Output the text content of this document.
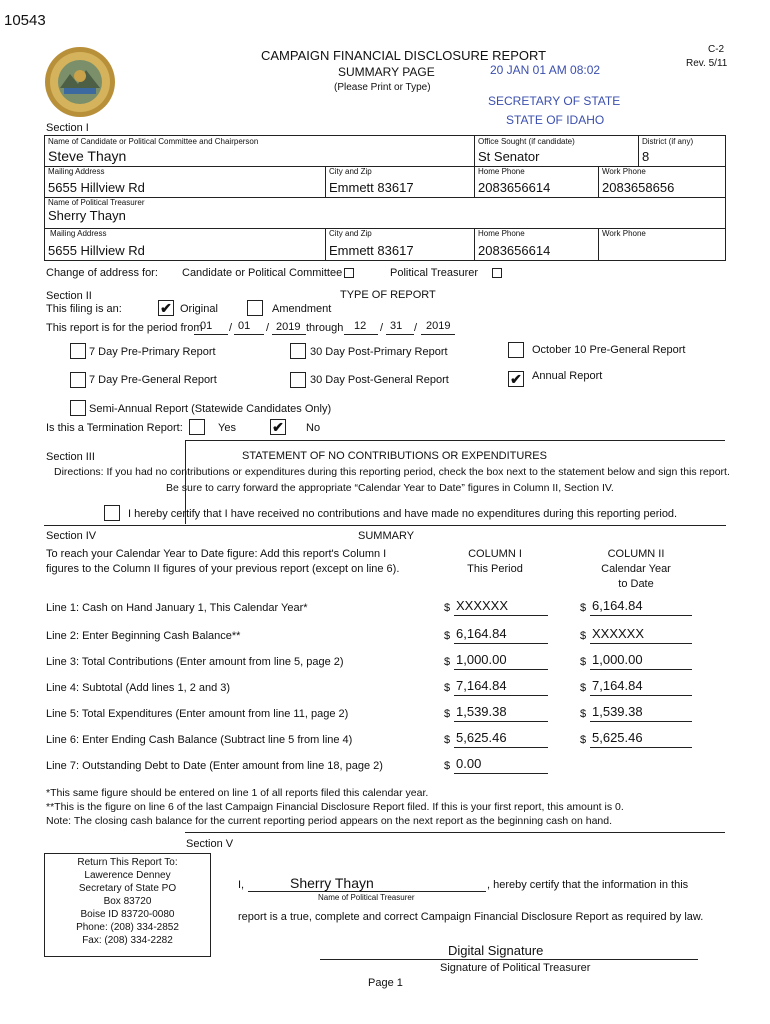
10543
CAMPAIGN FINANCIAL DISCLOSURE REPORT
SUMMARY PAGE
(Please Print or Type)
C-2
Rev. 5/11
20 JAN 01 AM 08:02
SECRETARY OF STATE
STATE OF IDAHO
Section I
Name of Candidate or Political Committee and Chairperson
Steve Thayn
Office Sought (if candidate)
St Senator
District (if any)
8
Mailing Address
5655 Hillview Rd
City and Zip
Emmett 83617
Home Phone
2083656614
Work Phone
2083658656
Name of Political Treasurer
Sherry Thayn
Mailing Address
5655 Hillview Rd
City and Zip
Emmett 83617
Home Phone
2083656614
Work Phone
Change of address for: Candidate or Political Committee	Political Treasurer
Section II	TYPE OF REPORT
This filing is an:	✔ Original	Amendment
This report is for the period from
01 / 01 / 2019 through 12 / 31 / 2019
7 Day Pre-Primary Report	30 Day Post-Primary Report	October 10 Pre-General Report
7 Day Pre-General Report	30 Day Post-General Report	✔ Annual Report
Semi-Annual Report (Statewide Candidates Only)
Is this a Termination Report:	Yes	✔ No
Section III	STATEMENT OF NO CONTRIBUTIONS OR EXPENDITURES
Directions: If you had no contributions or expenditures during this reporting period, check the box next to the statement below and sign this report.
Be sure to carry forward the appropriate “Calendar Year to Date” figures in Column II, Section IV.
I hereby certify that I have received no contributions and have made no expenditures during this reporting period.
Section IV	SUMMARY
To reach your Calendar Year to Date figure: Add this report's Column I
figures to the Column II figures of your previous report (except on line 6).
COLUMN I
This Period
COLUMN II
Calendar Year
to Date
Line 1: Cash on Hand January 1, This Calendar Year*	$ XXXXXX	$ 6,164.84
Line 2: Enter Beginning Cash Balance**	$ 6,164.84	$ XXXXXX
Line 3: Total Contributions (Enter amount from line 5, page 2)	$ 1,000.00	$ 1,000.00
Line 4: Subtotal (Add lines 1, 2 and 3)	$ 7,164.84	$ 7,164.84
Line 5: Total Expenditures (Enter amount from line 11, page 2)	$ 1,539.38	$ 1,539.38
Line 6: Enter Ending Cash Balance (Subtract line 5 from line 4)	$ 5,625.46	$ 5,625.46
Line 7: Outstanding Debt to Date (Enter amount from line 18, page 2)	$ 0.00
*This same figure should be entered on line 1 of all reports filed this calendar year.
**This is the figure on line 6 of the last Campaign Financial Disclosure Report filed. If this is your first report, this amount is 0.
Note: The closing cash balance for the current reporting period appears on the next report as the beginning cash on hand.
Section V
Return This Report To:
Lawerence Denney
Secretary of State PO
Box 83720
Boise ID 83720-0080
Phone: (208) 334-2852
Fax: (208) 334-2282
I,	Sherry Thayn	, hereby certify that the information in this
Name of Political Treasurer
report is a true, complete and correct Campaign Financial Disclosure Report as required by law.
Digital Signature
Signature of Political Treasurer
Page 1
